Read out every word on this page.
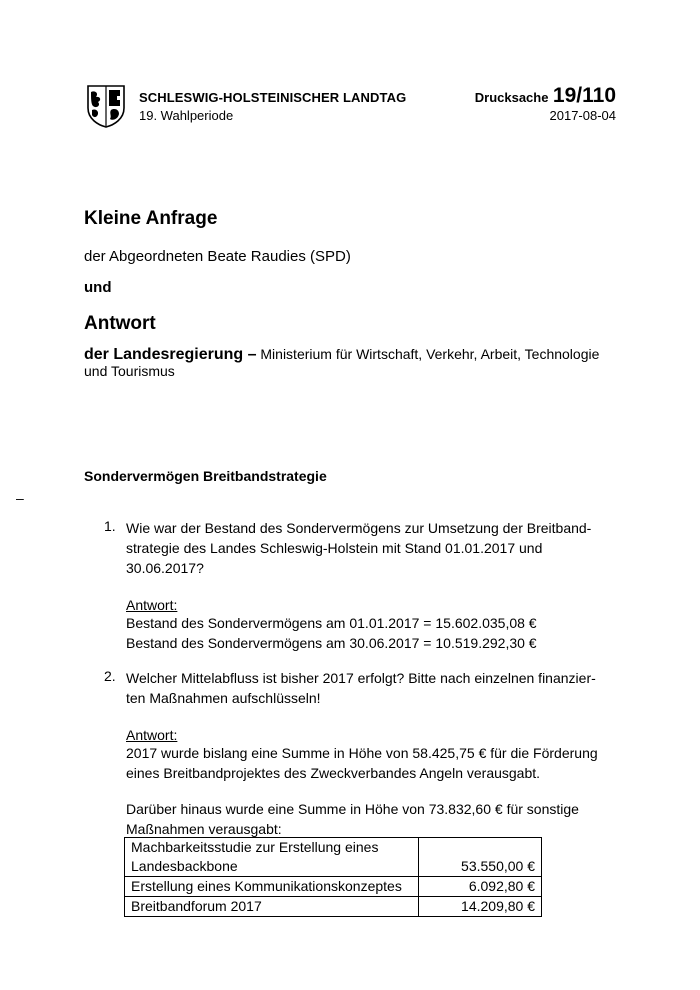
SCHLESWIG-HOLSTEINISCHER LANDTAG
19. Wahlperiode
Drucksache 19/110
2017-08-04
Kleine Anfrage
der Abgeordneten Beate Raudies (SPD)
und
Antwort
der Landesregierung – Ministerium für Wirtschaft, Verkehr, Arbeit, Technologie und Tourismus
Sondervermögen Breitbandstrategie
–
1. Wie war der Bestand des Sondervermögens zur Umsetzung der Breitband-
strategie des Landes Schleswig-Holstein mit Stand 01.01.2017 und
30.06.2017?
Antwort:
Bestand des Sondervermögens am 01.01.2017 = 15.602.035,08 €
Bestand des Sondervermögens am 30.06.2017 = 10.519.292,30 €
2. Welcher Mittelabfluss ist bisher 2017 erfolgt? Bitte nach einzelnen finanzier-
ten Maßnahmen aufschlüsseln!
Antwort:
2017 wurde bislang eine Summe in Höhe von 58.425,75 € für die Förderung
eines Breitbandprojektes des Zweckverbandes Angeln verausgabt.
Darüber hinaus wurde eine Summe in Höhe von 73.832,60 € für sonstige
Maßnahmen verausgabt:
Machbarkeitsstudie zur Erstellung eines
Landesbackbone	53.550,00 €
Erstellung eines Kommunikationskonzeptes	6.092,80 €
Breitbandforum 2017	14.209,80 €
